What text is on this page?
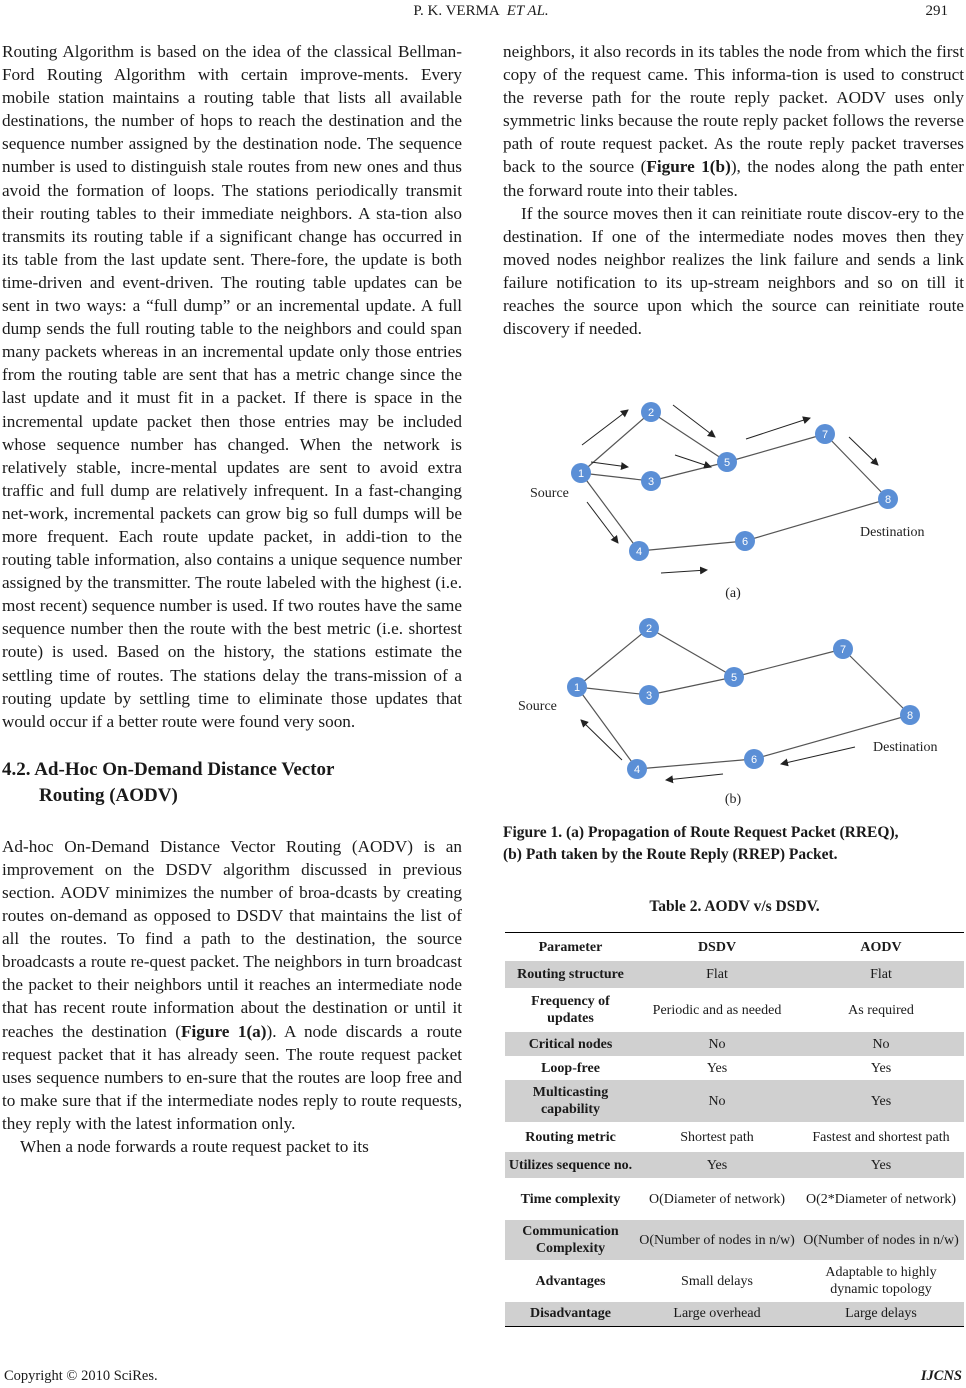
P. K. VERMA ET AL.	291

Routing Algorithm is based on the idea of the classical Bellman-Ford Routing Algorithm with certain improve-ments. Every mobile station maintains a routing table that lists all available destinations, the number of hops to reach the destination and the sequence number assigned by the destination node. The sequence number is used to distinguish stale routes from new ones and thus avoid the formation of loops. The stations periodically transmit their routing tables to their immediate neighbors. A sta-tion also transmits its routing table if a significant change has occurred in its table from the last update sent. There-fore, the update is both time-driven and event-driven. The routing table updates can be sent in two ways: a “full dump” or an incremental update. A full dump sends the full routing table to the neighbors and could span many packets whereas in an incremental update only those entries from the routing table are sent that has a metric change since the last update and it must fit in a packet. If there is space in the incremental update packet then those entries may be included whose sequence number has changed. When the network is relatively stable, incre-mental updates are sent to avoid extra traffic and full dump are relatively infrequent. In a fast-changing net-work, incremental packets can grow big so full dumps will be more frequent. Each route update packet, in addi-tion to the routing table information, also contains a unique sequence number assigned by the transmitter. The route labeled with the highest (i.e. most recent) sequence number is used. If two routes have the same sequence number then the route with the best metric (i.e. shortest route) is used. Based on the history, the stations estimate the settling time of routes. The stations delay the trans-mission of a routing update by settling time to eliminate those updates that would occur if a better route were found very soon.

4.2. Ad-Hoc On-Demand Distance Vector
Routing (AODV)

Ad-hoc On-Demand Distance Vector Routing (AODV) is an improvement on the DSDV algorithm discussed in previous section. AODV minimizes the number of broa-dcasts by creating routes on-demand as opposed to DSDV that maintains the list of all the routes. To find a path to the destination, the source broadcasts a route re-quest packet. The neighbors in turn broadcast the packet to their neighbors until it reaches an intermediate node that has recent route information about the destination or until it reaches the destination (Figure 1(a)). A node discards a route request packet that it has already seen. The route request packet uses sequence numbers to en-sure that the routes are loop free and to make sure that if the intermediate nodes reply to route requests, they reply with the latest information only.

When a node forwards a route request packet to its

neighbors, it also records in its tables the node from which the first copy of the request came. This informa-tion is used to construct the reverse path for the route reply packet. AODV uses only symmetric links because the route reply packet follows the reverse path of route request packet. As the route reply packet traverses back to the source (Figure 1(b)), the nodes along the path enter the forward route into their tables.

If the source moves then it can reinitiate route discov-ery to the destination. If one of the intermediate nodes moves then they moved nodes neighbor realizes the link failure and sends a link failure notification to its up-stream neighbors and so on till it reaches the source upon which the source can reinitiate route discovery if needed.

1
2
3
4
5
6
7
8
Source
Destination
(a)
1
2
3
4
5
6
7
8
Source
Destination
(b)
Figure 1. (a) Propagation of Route Request Packet (RREQ),
(b) Path taken by the Route Reply (RREP) Packet.
Table 2. AODV v/s DSDV.
Parameter	DSDV	AODV
Routing structure	Flat	Flat
Frequency of updates	Periodic and as needed	As required
Critical nodes	No	No
Loop-free	Yes	Yes
Multicasting capability	No	Yes
Routing metric	Shortest path	Fastest and shortest path
Utilizes sequence no.	Yes	Yes
Time complexity	O(Diameter of network)	O(2*Diameter of network)
Communication Complexity	O(Number of nodes in n/w)	O(Number of nodes in n/w)
Advantages	Small delays	Adaptable to highly dynamic topology
Disadvantage	Large overhead	Large delays
Copyright © 2010 SciRes.	IJCNS
